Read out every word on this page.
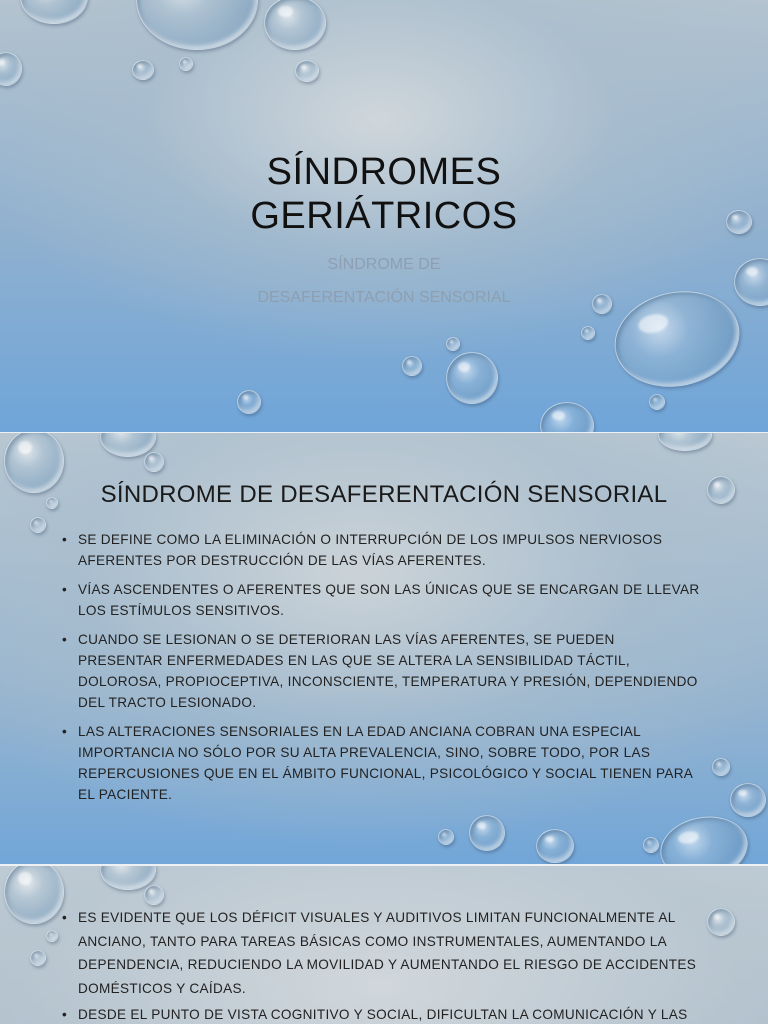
SÍNDROMES
GERIÁTRICOS
SÍNDROME DE
DESAFERENTACIÓN SENSORIAL
SÍNDROME DE DESAFERENTACIÓN SENSORIAL
• SE DEFINE COMO LA ELIMINACIÓN O INTERRUPCIÓN DE LOS IMPULSOS NERVIOSOS AFERENTES POR DESTRUCCIÓN DE LAS VÍAS AFERENTES.
• VÍAS ASCENDENTES O AFERENTES QUE SON LAS ÚNICAS QUE SE ENCARGAN DE LLEVAR LOS ESTÍMULOS SENSITIVOS.
• CUANDO SE LESIONAN O SE DETERIORAN LAS VÍAS AFERENTES, SE PUEDEN PRESENTAR ENFERMEDADES EN LAS QUE SE ALTERA LA SENSIBILIDAD TÁCTIL, DOLOROSA, PROPIOCEPTIVA, INCONSCIENTE, TEMPERATURA Y PRESIÓN, DEPENDIENDO DEL TRACTO LESIONADO.
• LAS ALTERACIONES SENSORIALES EN LA EDAD ANCIANA COBRAN UNA ESPECIAL IMPORTANCIA NO SÓLO POR SU ALTA PREVALENCIA, SINO, SOBRE TODO, POR LAS REPERCUSIONES QUE EN EL ÁMBITO FUNCIONAL, PSICOLÓGICO Y SOCIAL TIENEN PARA EL PACIENTE.
• ES EVIDENTE QUE LOS DÉFICIT VISUALES Y AUDITIVOS LIMITAN FUNCIONALMENTE AL ANCIANO, TANTO PARA TAREAS BÁSICAS COMO INSTRUMENTALES, AUMENTANDO LA DEPENDENCIA, REDUCIENDO LA MOVILIDAD Y AUMENTANDO EL RIESGO DE ACCIDENTES DOMÉSTICOS Y CAÍDAS.
• DESDE EL PUNTO DE VISTA COGNITIVO Y SOCIAL, DIFICULTAN LA COMUNICACIÓN Y LAS
